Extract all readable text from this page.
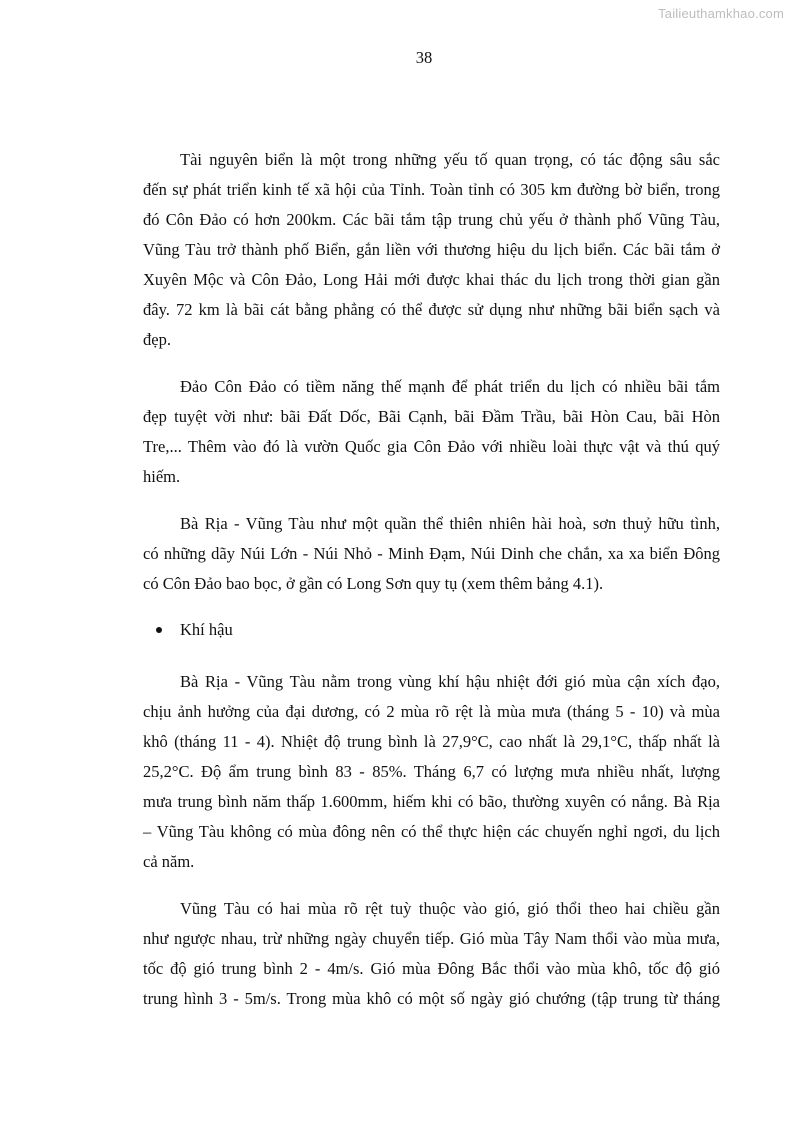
Tailieuthamkhao.com
38
Tài nguyên biển là một trong những yếu tố quan trọng, có tác động sâu sắc
đến sự phát triển kinh tế xã hội của Tỉnh. Toàn tỉnh có 305 km đường bờ biển, trong
đó Côn Đảo có hơn 200km. Các bãi tắm tập trung chủ yếu ở thành phố Vũng Tàu,
Vũng Tàu trở thành phố Biển, gắn liền với thương hiệu du lịch biển. Các bãi tắm ở
Xuyên Mộc và Côn Đảo, Long Hải mới được khai thác du lịch trong thời gian gần
đây. 72 km là bãi cát bằng phẳng có thể được sử dụng như những bãi biển sạch và
đẹp.
Đảo Côn Đảo có tiềm năng thế mạnh để phát triển du lịch có nhiều bãi tắm
đẹp tuyệt vời như: bãi Đất Dốc, Bãi Cạnh, bãi Đầm Trầu, bãi Hòn Cau, bãi Hòn
Tre,... Thêm vào đó là vườn Quốc gia Côn Đảo với nhiều loài thực vật và thú quý
hiếm.
Bà Rịa - Vũng Tàu như một quần thể thiên nhiên hài hoà, sơn thuỷ hữu tình,
có những dãy Núi Lớn - Núi Nhỏ - Minh Đạm, Núi Dinh che chắn, xa xa biển Đông
có Côn Đảo bao bọc, ở gần có Long Sơn quy tụ (xem thêm bảng 4.1).
Khí hậu
Bà Rịa - Vũng Tàu nằm trong vùng khí hậu nhiệt đới gió mùa cận xích đạo,
chịu ảnh hưởng của đại dương, có 2 mùa rõ rệt là mùa mưa (tháng 5 - 10) và mùa
khô (tháng 11 - 4). Nhiệt độ trung bình là 27,9°C, cao nhất là 29,1°C, thấp nhất là
25,2°C. Độ ẩm trung bình 83 - 85%. Tháng 6,7 có lượng mưa nhiều nhất, lượng
mưa trung bình năm thấp 1.600mm, hiếm khi có bão, thường xuyên có nắng. Bà Rịa
– Vũng Tàu không có mùa đông nên có thể thực hiện các chuyến nghỉ ngơi, du lịch
cả năm.
Vũng Tàu có hai mùa rõ rệt tuỳ thuộc vào gió, gió thổi theo hai chiều gần
như ngược nhau, trừ những ngày chuyển tiếp. Gió mùa Tây Nam thổi vào mùa mưa,
tốc độ gió trung bình 2 - 4m/s. Gió mùa Đông Bắc thổi vào mùa khô, tốc độ gió
trung hình 3 - 5m/s. Trong mùa khô có một số ngày gió chướng (tập trung từ tháng
